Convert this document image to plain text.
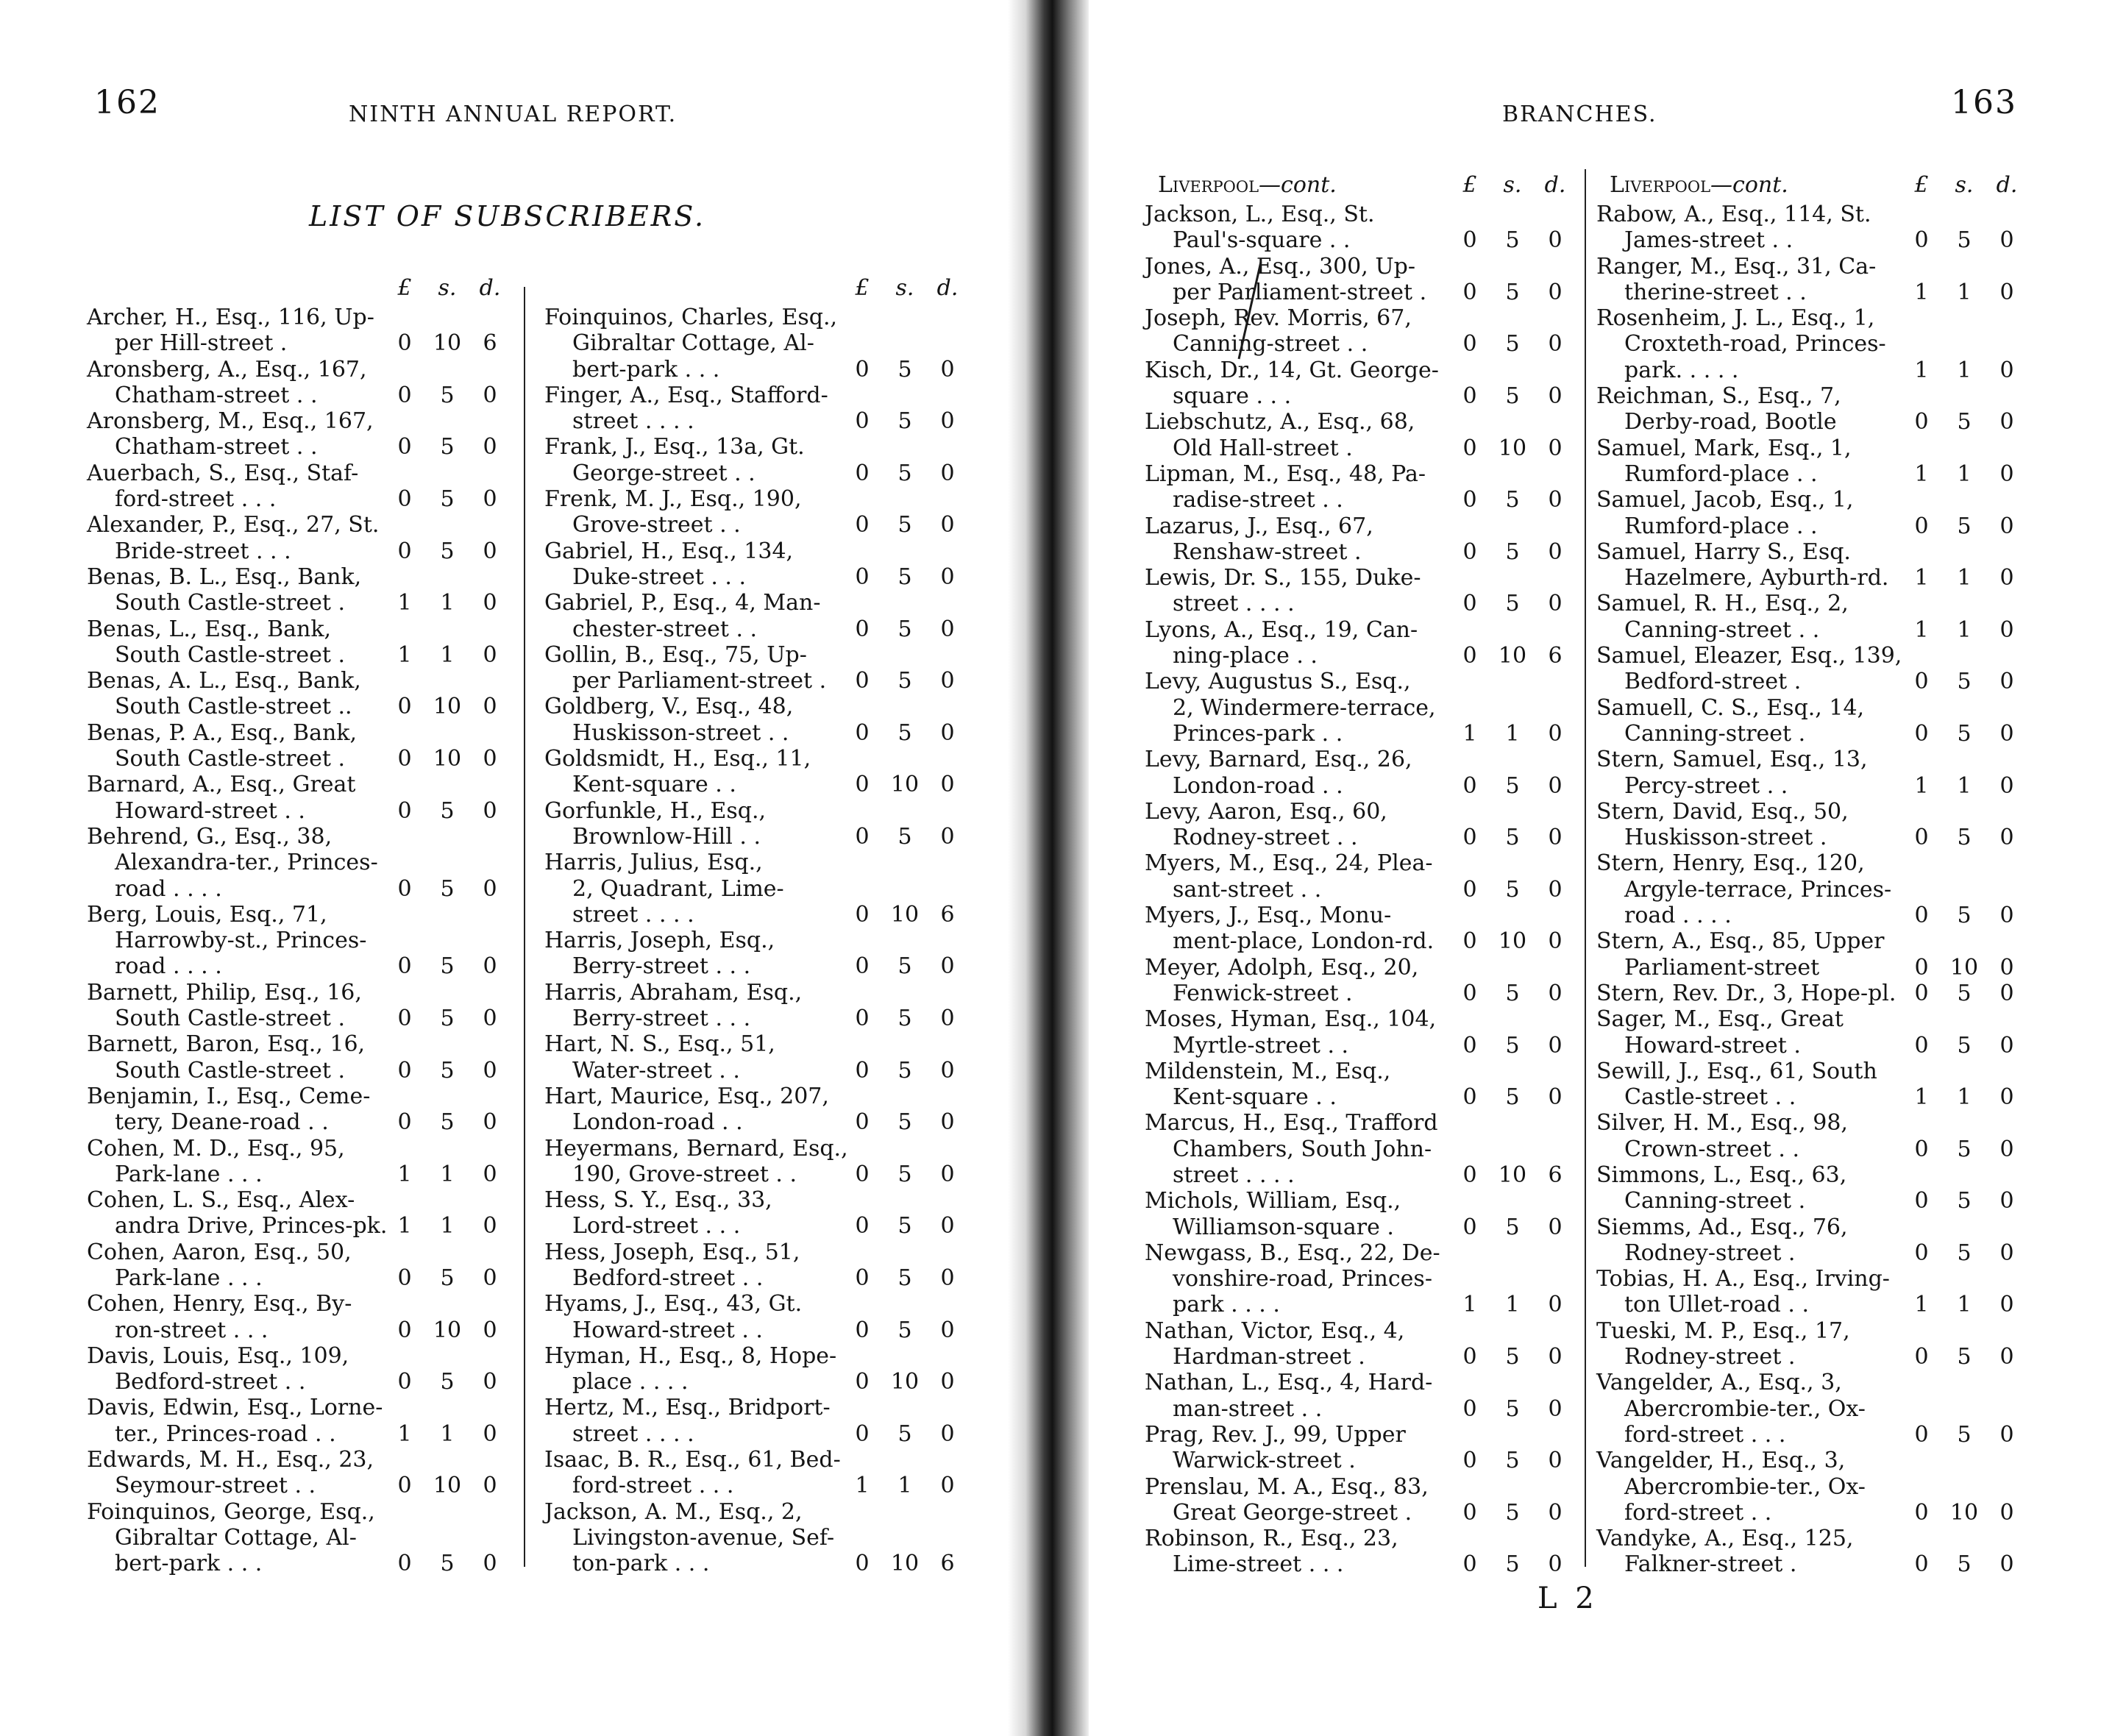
162	NINTH ANNUAL REPORT.
LIST OF SUBSCRIBERS.
£	s.	d.
Archer, H., Esq., 116, Up-
per Hill-street .	0 10 6
Aronsberg, A., Esq., 167,
Chatham-street . .	0	5	0
Aronsberg, M., Esq., 167,
Chatham-street . .	0	5	0
Auerbach, S., Esq., Staf-
ford-street . . .	0	5	0
Alexander, P., Esq., 27, St.
Bride-street . . .	0	5	0
Benas, B. L., Esq., Bank,
South Castle-street .	1	1	0
Benas, L., Esq., Bank,
South Castle-street .	1	1	0
Benas, A. L., Esq., Bank,
South Castle-street ..	0 10 0
Benas, P. A., Esq., Bank,
South Castle-street .	0 10 0
Barnard, A., Esq., Great
Howard-street . .	0	5	0
Behrend, G., Esq., 38,
Alexandra-ter., Princes-
road . . . .	0	5	0
Berg, Louis, Esq., 71,
Harrowby-st., Princes-
road . . . .	0	5	0
Barnett, Philip, Esq., 16,
South Castle-street .	0	5	0
Barnett, Baron, Esq., 16,
South Castle-street .	0	5	0
Benjamin, I., Esq., Ceme-
tery, Deane-road . .	0	5	0
Cohen, M. D., Esq., 95,
Park-lane . . .	1	1	0
Cohen, L. S., Esq., Alex-
andra Drive, Princes-pk. 1	1	0
Cohen, Aaron, Esq., 50,
Park-lane . . .	0	5	0
Cohen, Henry, Esq., By-
ron-street . . .	0 10 0
Davis, Louis, Esq., 109,
Bedford-street . .	0	5	0
Davis, Edwin, Esq., Lorne-
ter., Princes-road . .	1	1	0
Edwards, M. H., Esq., 23,
Seymour-street . .	0 10 0
Foinquinos, George, Esq.,
Gibraltar Cottage, Al-
bert-park . . .	0	5	0
£	s.	d.
Foinquinos, Charles, Esq.,
Gibraltar Cottage, Al-
bert-park . . .	0	5	0
Finger, A., Esq., Stafford-
street . . . .	0	5	0
Frank, J., Esq., 13a, Gt.
George-street . .	0	5	0
Frenk, M. J., Esq., 190,
Grove-street . .	0	5	0
Gabriel, H., Esq., 134,
Duke-street . . .	0	5	0
Gabriel, P., Esq., 4, Man-
chester-street . .	0	5	0
Gollin, B., Esq., 75, Up-
per Parliament-street .	0	5	0
Goldberg, V., Esq., 48,
Huskisson-street . .	0	5	0
Goldsmidt, H., Esq., 11,
Kent-square . .	0 10 0
Gorfunkle, H., Esq.,
Brownlow-Hill . .	0	5	0
Harris, Julius, Esq.,
2, Quadrant, Lime-
street . . . .	0 10 6
Harris, Joseph, Esq.,
Berry-street . . .	0	5	0
Harris, Abraham, Esq.,
Berry-street . . .	0	5	0
Hart, N. S., Esq., 51,
Water-street . .	0	5	0
Hart, Maurice, Esq., 207,
London-road . .	0	5	0
Heyermans, Bernard, Esq.,
190, Grove-street . .	0	5	0
Hess, S. Y., Esq., 33,
Lord-street . . .	0	5	0
Hess, Joseph, Esq., 51,
Bedford-street . .	0	5	0
Hyams, J., Esq., 43, Gt.
Howard-street . .	0	5	0
Hyman, H., Esq., 8, Hope-
place . . . .	0 10 0
Hertz, M., Esq., Bridport-
street . . . .	0	5	0
Isaac, B. R., Esq., 61, Bed-
ford-street . . .	1	1	0
Jackson, A. M., Esq., 2,
Livingston-avenue, Sef-
ton-park . . .	0 10 6
BRANCHES.	163
Liverpool—cont.	£	s.	d.
Jackson, L., Esq., St.
Paul's-square . .	0	5	0
Jones, A., Esq., 300, Up-
per Parliament-street .	0	5	0
Joseph, Rev. Morris, 67,
Canning-street . .	0	5	0
Kisch, Dr., 14, Gt. George-
square . . .	0	5	0
Liebschutz, A., Esq., 68,
Old Hall-street .	0 10 0
Lipman, M., Esq., 48, Pa-
radise-street . .	0	5	0
Lazarus, J., Esq., 67,
Renshaw-street .	0	5	0
Lewis, Dr. S., 155, Duke-
street . . . .	0	5	0
Lyons, A., Esq., 19, Can-
ning-place . .	0 10 6
Levy, Augustus S., Esq.,
2, Windermere-terrace,
Princes-park . .	1	1	0
Levy, Barnard, Esq., 26,
London-road . .	0	5	0
Levy, Aaron, Esq., 60,
Rodney-street . .	0	5	0
Myers, M., Esq., 24, Plea-
sant-street . .	0	5	0
Myers, J., Esq., Monu-
ment-place, London-rd.	0 10 0
Meyer, Adolph, Esq., 20,
Fenwick-street .	0	5	0
Moses, Hyman, Esq., 104,
Myrtle-street . .	0	5	0
Mildenstein, M., Esq.,
Kent-square . .	0	5	0
Marcus, H., Esq., Trafford
Chambers, South John-
street . . . .	0 10 6
Michols, William, Esq.,
Williamson-square .	0	5	0
Newgass, B., Esq., 22, De-
vonshire-road, Princes-
park . . . .	1	1	0
Nathan, Victor, Esq., 4,
Hardman-street .	0	5	0
Nathan, L., Esq., 4, Hard-
man-street . .	0	5	0
Prag, Rev. J., 99, Upper
Warwick-street .	0	5	0
Prenslau, M. A., Esq., 83,
Great George-street .	0	5	0
Robinson, R., Esq., 23,
Lime-street . . .	0	5	0
Liverpool—cont.	£	s.	d.
Rabow, A., Esq., 114, St.
James-street . .	0	5	0
Ranger, M., Esq., 31, Ca-
therine-street . .	1	1	0
Rosenheim, J. L., Esq., 1,
Croxteth-road, Princes-
park. . . . .	1	1	0
Reichman, S., Esq., 7,
Derby-road, Bootle	0	5	0
Samuel, Mark, Esq., 1,
Rumford-place . .	1	1	0
Samuel, Jacob, Esq., 1,
Rumford-place . .	0	5	0
Samuel, Harry S., Esq.
Hazelmere, Ayburth-rd.	1	1	0
Samuel, R. H., Esq., 2,
Canning-street . .	1	1	0
Samuel, Eleazer, Esq., 139,
Bedford-street .	0	5	0
Samuell, C. S., Esq., 14,
Canning-street .	0	5	0
Stern, Samuel, Esq., 13,
Percy-street . .	1	1	0
Stern, David, Esq., 50,
Huskisson-street .	0	5	0
Stern, Henry, Esq., 120,
Argyle-terrace, Princes-
road . . . .	0	5	0
Stern, A., Esq., 85, Upper
Parliament-street	0 10 0
Stern, Rev. Dr., 3, Hope-pl. 0	5	0
Sager, M., Esq., Great
Howard-street .	0	5	0
Sewill, J., Esq., 61, South
Castle-street . .	1	1	0
Silver, H. M., Esq., 98,
Crown-street . .	0	5	0
Simmons, L., Esq., 63,
Canning-street .	0	5	0
Siemms, Ad., Esq., 76,
Rodney-street .	0	5	0
Tobias, H. A., Esq., Irving-
ton Ullet-road . .	1	1	0
Tueski, M. P., Esq., 17,
Rodney-street .	0	5	0
Vangelder, A., Esq., 3,
Abercrombie-ter., Ox-
ford-street . . .	0	5	0
Vangelder, H., Esq., 3,
Abercrombie-ter., Ox-
ford-street . .	0 10 0
Vandyke, A., Esq., 125,
Falkner-street .	0	5	0
L 2
